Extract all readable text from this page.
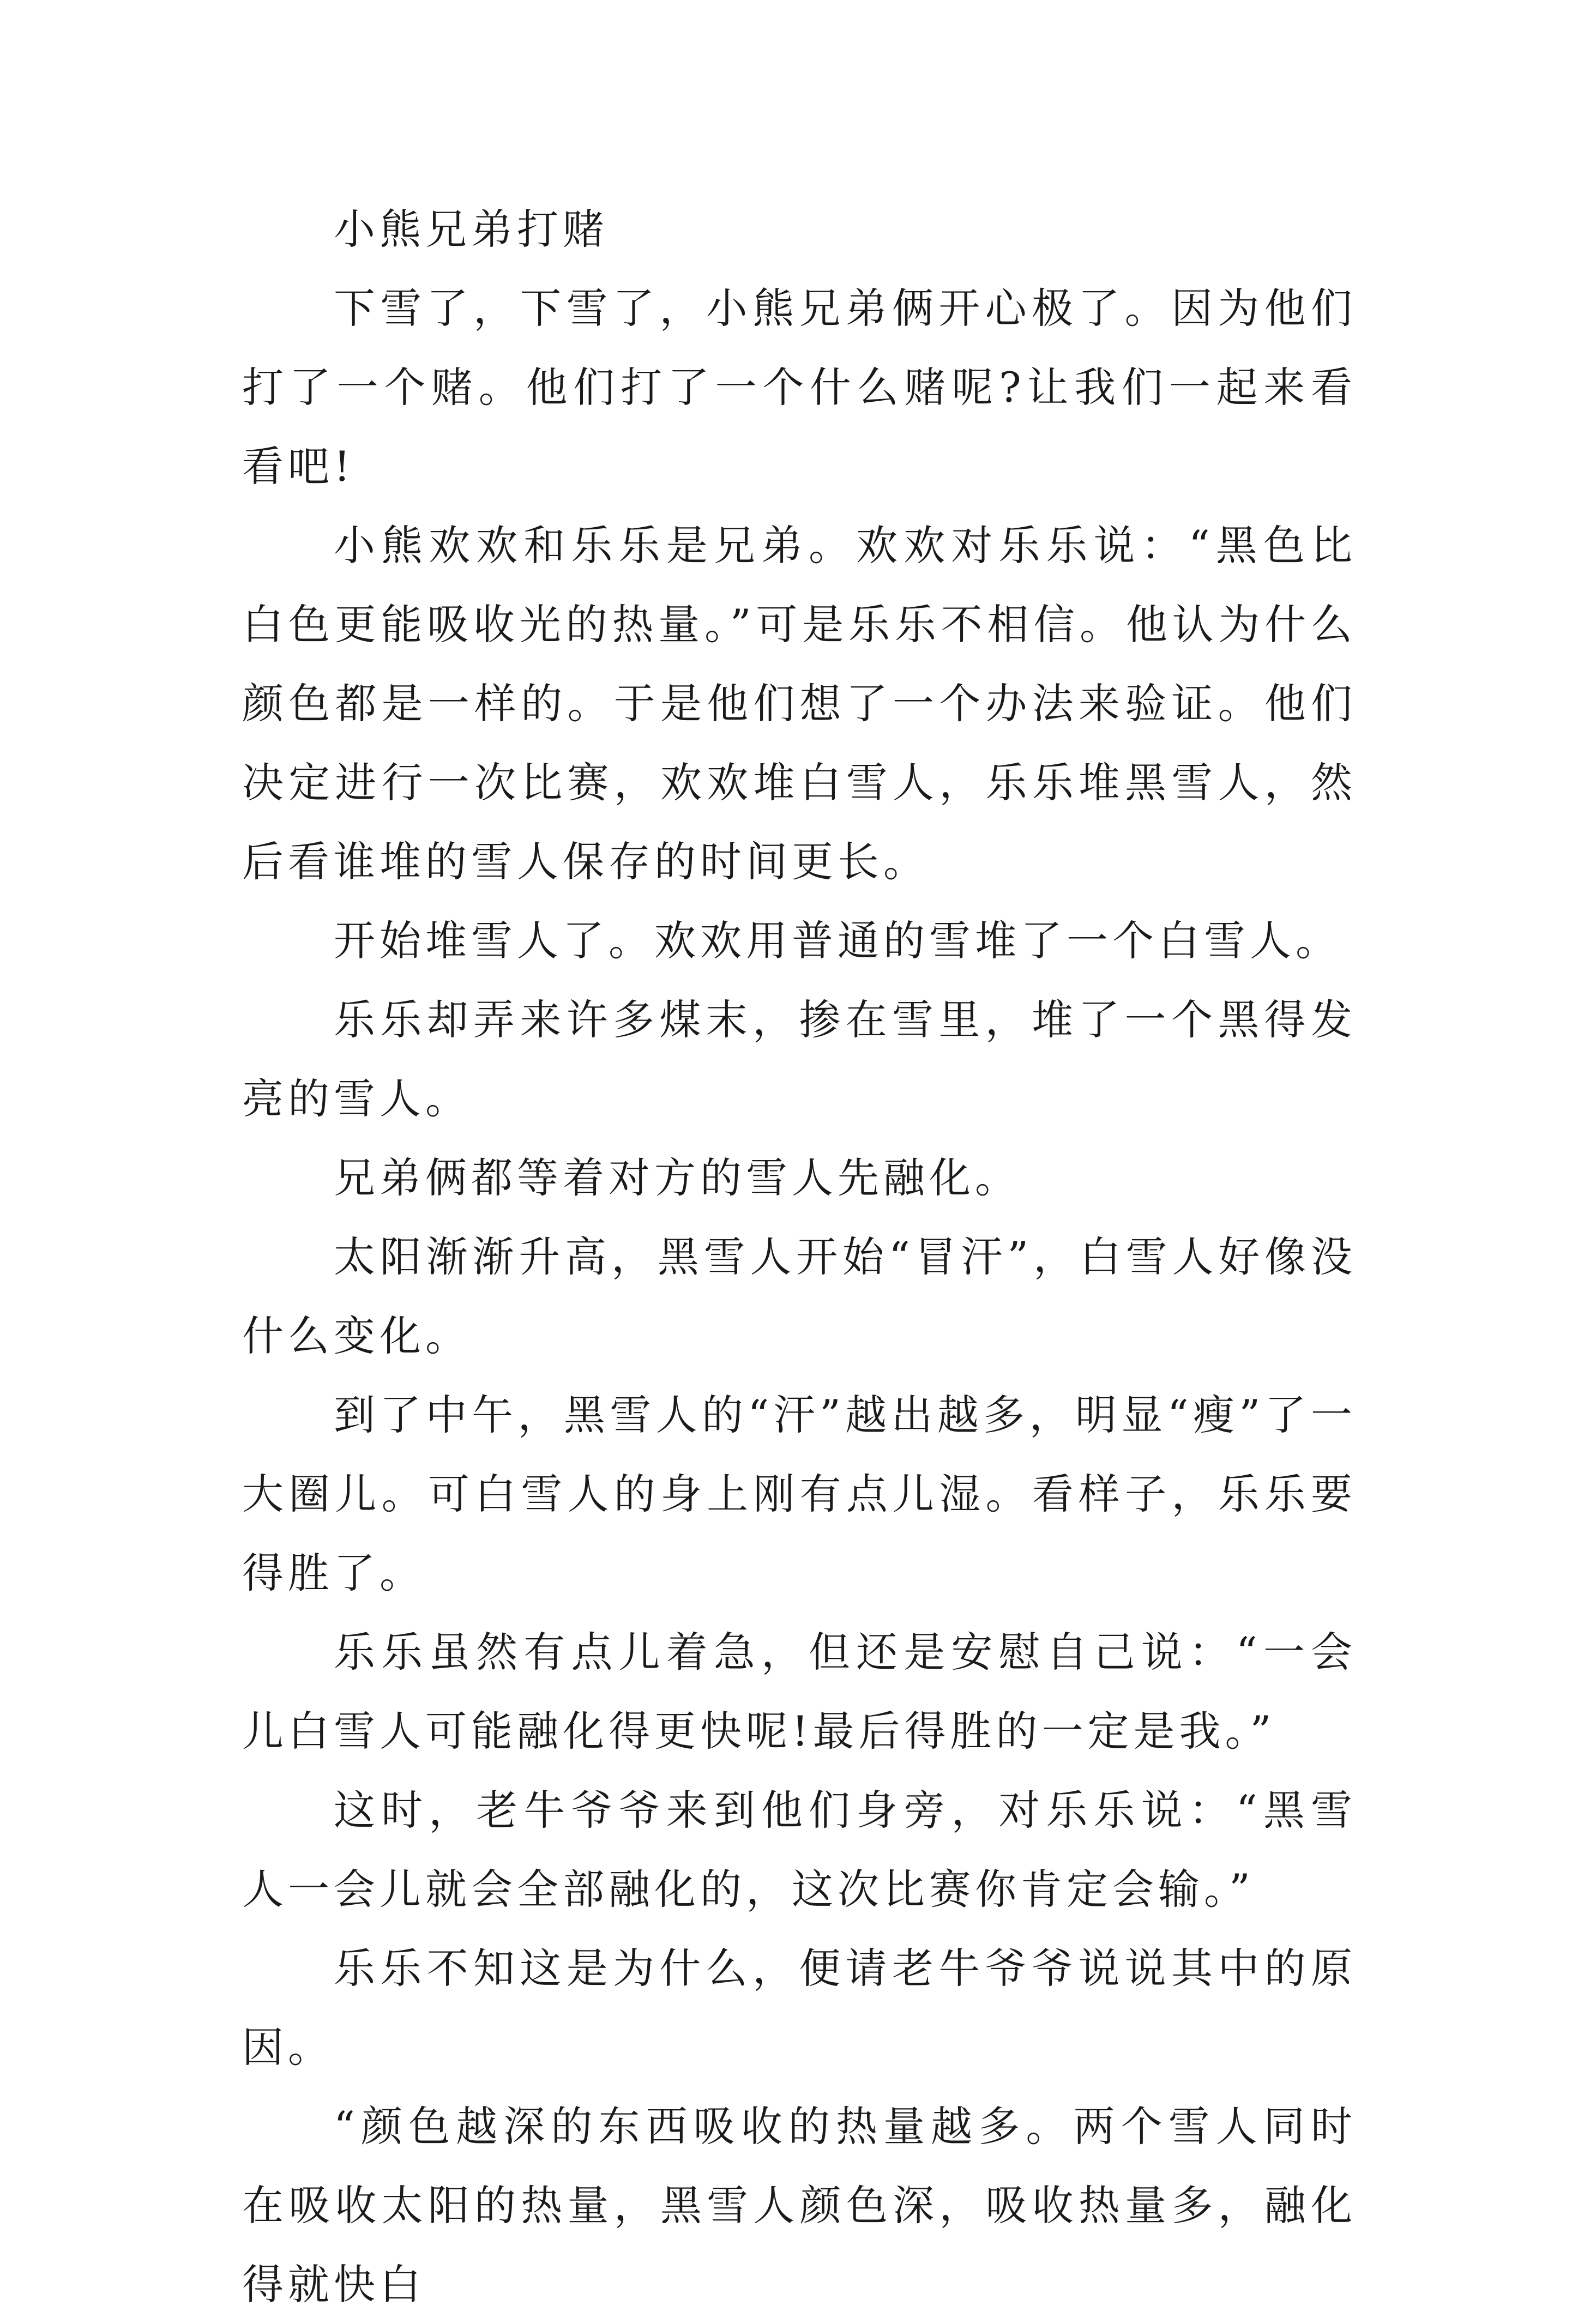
小熊兄弟打赌

下雪了，下雪了，小熊兄弟俩开心极了。因为他们打了一个赌。他们打了一个什么赌呢?让我们一起来看看吧!

小熊欢欢和乐乐是兄弟。欢欢对乐乐说：“黑色比白色更能吸收光的热量。”可是乐乐不相信。他认为什么颜色都是一样的。于是他们想了一个办法来验证。他们决定进行一次比赛，欢欢堆白雪人，乐乐堆黑雪人，然后看谁堆的雪人保存的时间更长。

开始堆雪人了。欢欢用普通的雪堆了一个白雪人。

乐乐却弄来许多煤末，掺在雪里，堆了一个黑得发亮的雪人。

兄弟俩都等着对方的雪人先融化。

太阳渐渐升高，黑雪人开始“冒汗”，白雪人好像没什么变化。

到了中午，黑雪人的“汗”越出越多，明显“瘦”了一大圈儿。可白雪人的身上刚有点儿湿。看样子，乐乐要得胜了。

乐乐虽然有点儿着急，但还是安慰自己说：“一会儿白雪人可能融化得更快呢!最后得胜的一定是我。”

这时，老牛爷爷来到他们身旁，对乐乐说：“黑雪人一会儿就会全部融化的，这次比赛你肯定会输。”

乐乐不知这是为什么，便请老牛爷爷说说其中的原因。

“颜色越深的东西吸收的热量越多。两个雪人同时在吸收太阳的热量，黑雪人颜色深，吸收热量多，融化得就快白
